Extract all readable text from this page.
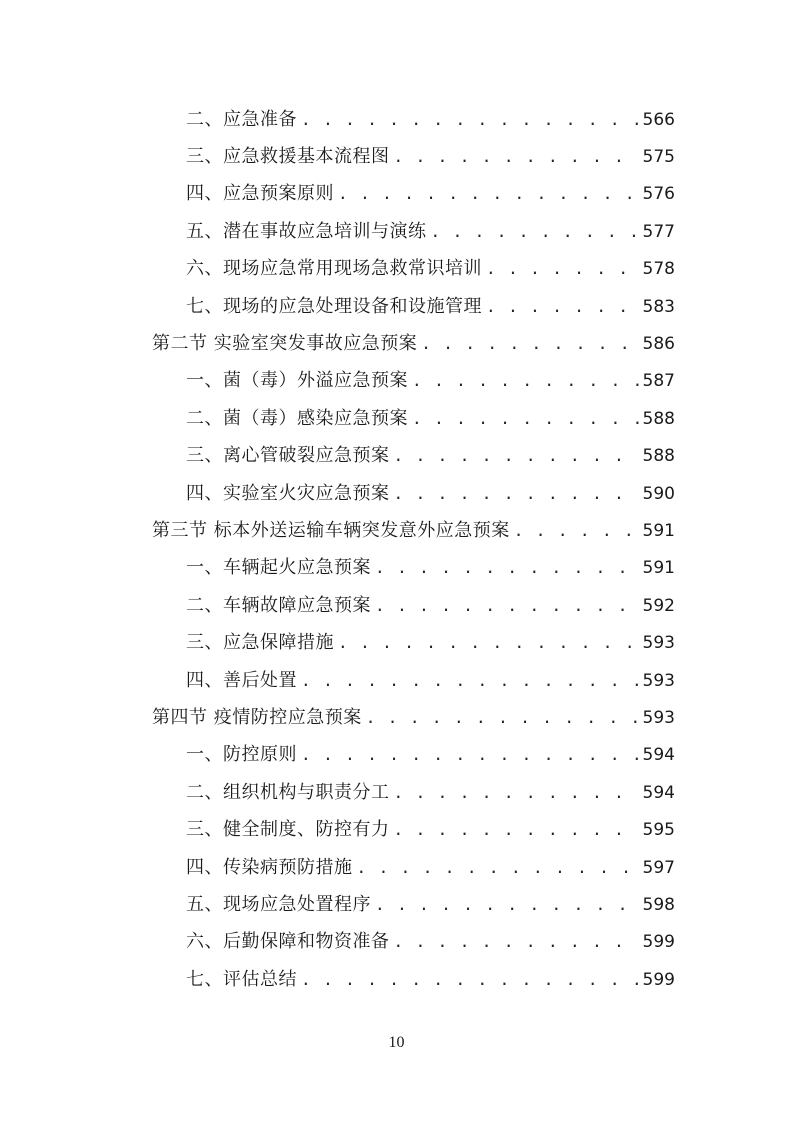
二、应急准备 . . .	566
三、应急救援基本流程图 . . .	575
四、应急预案原则 . . .	576
五、潜在事故应急培训与演练 . . .	577
六、现场应急常用现场急救常识培训 . . .	578
七、现场的应急处理设备和设施管理 . . .	583
第二节 实验室突发事故应急预案 . . .	586
一、菌（毒）外溢应急预案 . . .	587
二、菌（毒）感染应急预案 . . .	588
三、离心管破裂应急预案 . . .	588
四、实验室火灾应急预案 . . .	590
第三节 标本外送运输车辆突发意外应急预案 . . .	591
一、车辆起火应急预案 . . .	591
二、车辆故障应急预案 . . .	592
三、应急保障措施 . . .	593
四、善后处置 . . .	593
第四节 疫情防控应急预案 . . .	593
一、防控原则 . . .	594
二、组织机构与职责分工 . . .	594
三、健全制度、防控有力 . . .	595
四、传染病预防措施 . . .	597
五、现场应急处置程序 . . .	598
六、后勤保障和物资准备 . . .	599
七、评估总结 . . .	599
10
